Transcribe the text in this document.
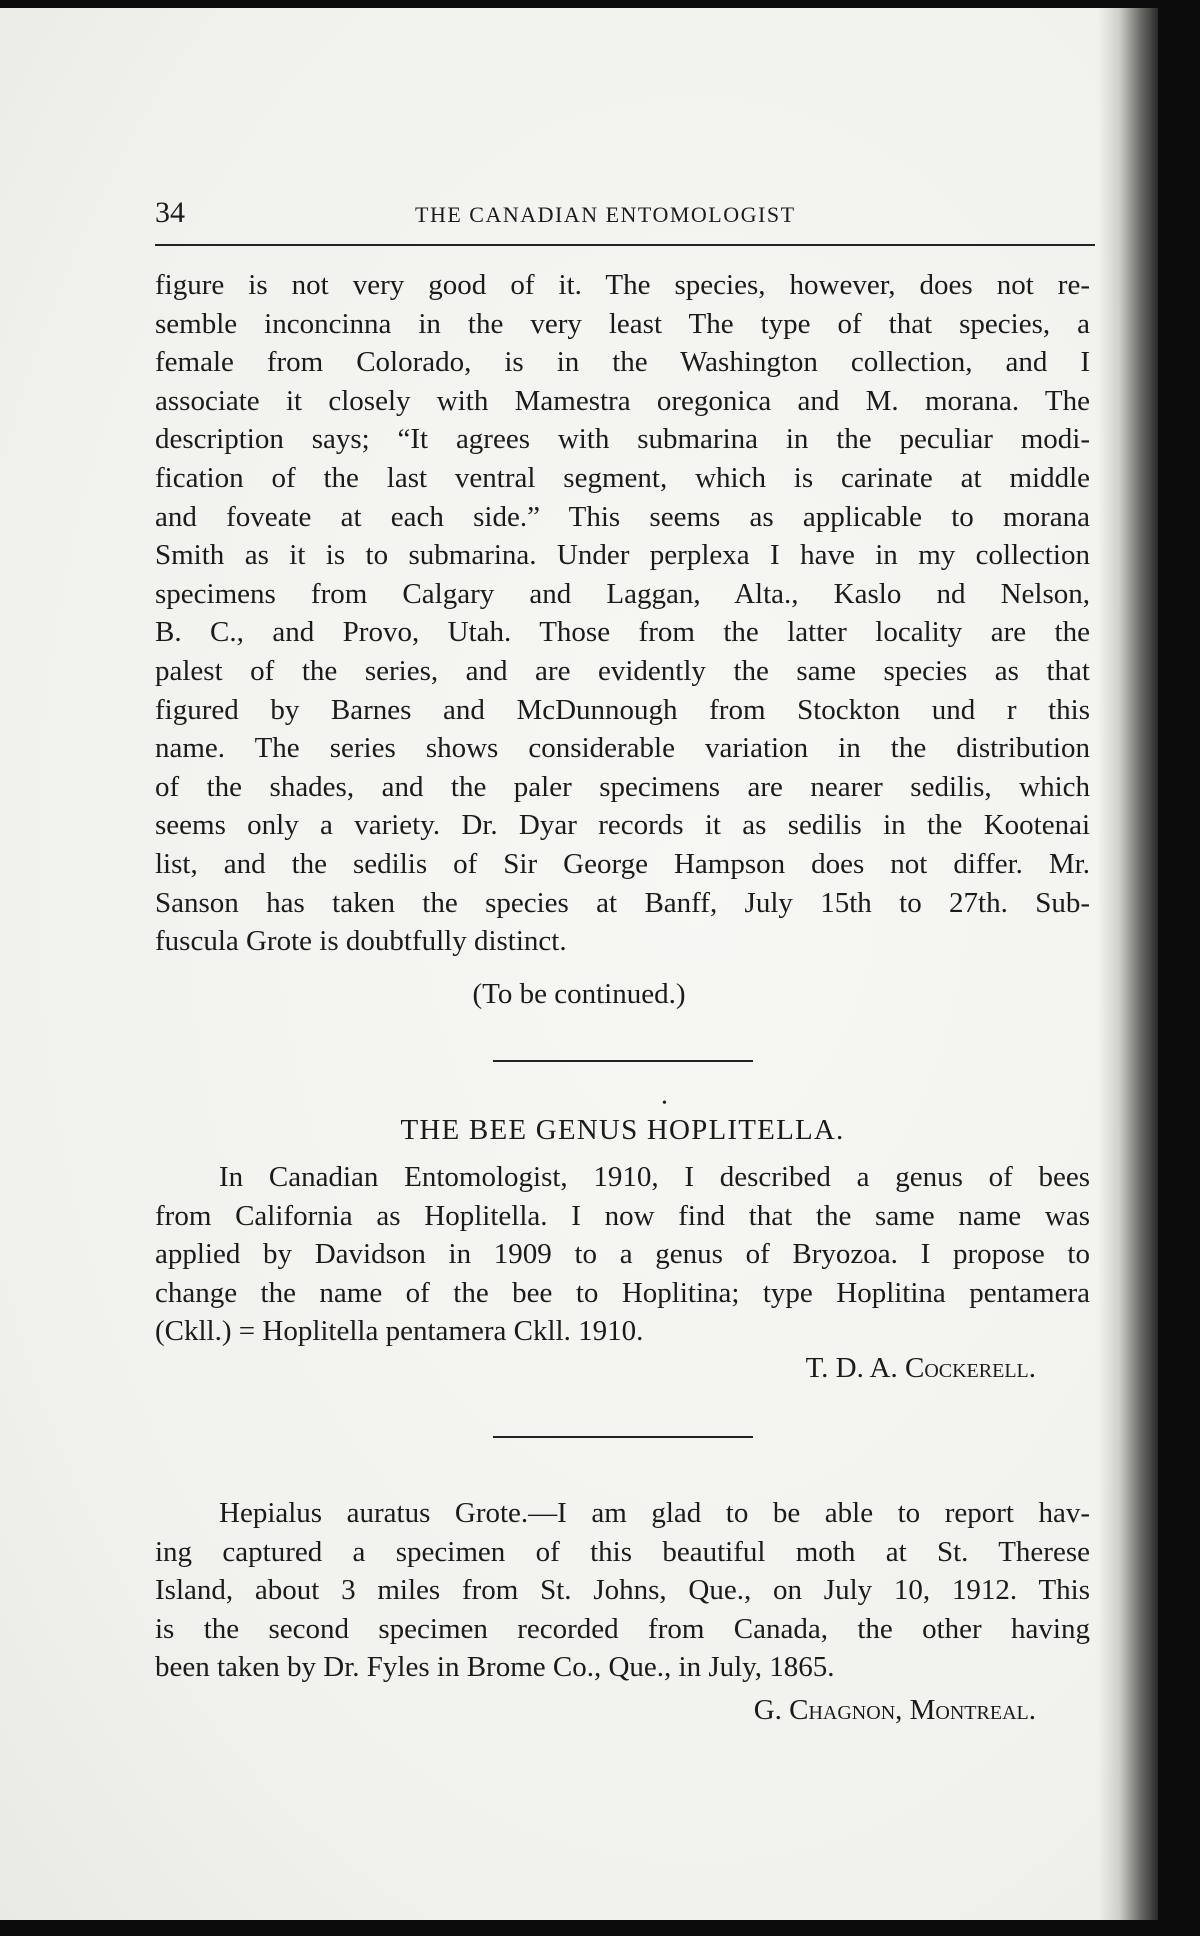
34	THE CANADIAN ENTOMOLOGIST
figure is not very good of it. The species, however, does not re-
semble inconcinna in the very least The type of that species, a
female from Colorado, is in the Washington collection, and I
associate it closely with Mamestra oregonica and M. morana. The
description says; “It agrees with submarina in the peculiar modi-
fication of the last ventral segment, which is carinate at middle
and foveate at each side.” This seems as applicable to morana
Smith as it is to submarina. Under perplexa I have in my collection
specimens from Calgary and Laggan, Alta., Kaslo nd Nelson,
B. C., and Provo, Utah. Those from the latter locality are the
palest of the series, and are evidently the same species as that
figured by Barnes and McDunnough from Stockton und r this
name. The series shows considerable variation in the distribution
of the shades, and the paler specimens are nearer sedilis, which
seems only a variety. Dr. Dyar records it as sedilis in the Kootenai
list, and the sedilis of Sir George Hampson does not differ. Mr.
Sanson has taken the species at Banff, July 15th to 27th. Sub-
fuscula Grote is doubtfully distinct.
(To be continued.)
•
THE BEE GENUS HOPLITELLA.
In Canadian Entomologist, 1910, I described a genus of bees
from California as Hoplitella. I now find that the same name was
applied by Davidson in 1909 to a genus of Bryozoa. I propose to
change the name of the bee to Hoplitina; type Hoplitina pentamera
(Ckll.) = Hoplitella pentamera Ckll. 1910.
T. D. A. Cockerell.
Hepialus auratus Grote.—I am glad to be able to report hav-
ing captured a specimen of this beautiful moth at St. Therese
Island, about 3 miles from St. Johns, Que., on July 10, 1912. This
is the second specimen recorded from Canada, the other having
been taken by Dr. Fyles in Brome Co., Que., in July, 1865.
G. Chagnon, Montreal.
